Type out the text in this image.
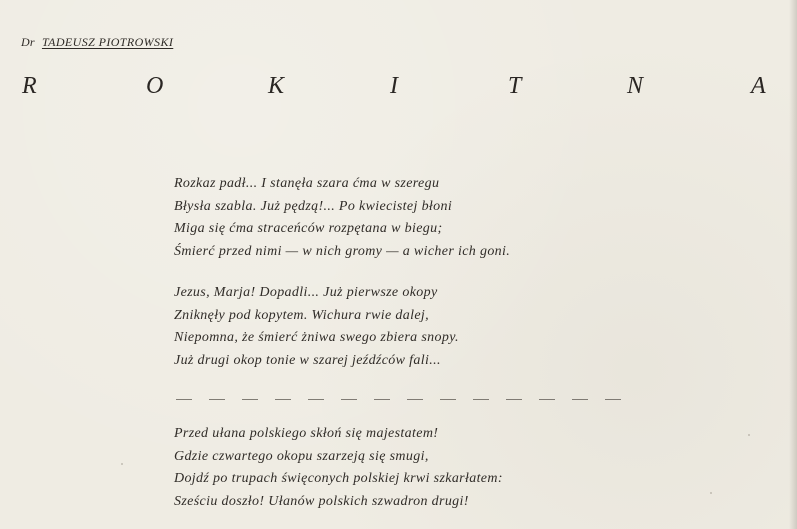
Dr TADEUSZ PIOTROWSKI
R	O	K	I	T	N	A
Rozkaz padł... I stanęła szara ćma w szeregu
Błysła szabla. Już pędzą!... Po kwiecistej błoni
Miga się ćma straceńców rozpętana w biegu;
Śmierć przed nimi — w nich gromy — a wicher ich goni.
Jezus, Marja! Dopadli... Już pierwsze okopy
Zniknęły pod kopytem. Wichura rwie dalej,
Niepomna, że śmierć żniwa swego zbiera snopy.
Już drugi okop tonie w szarej jeźdźców fali...
Przed ułana polskiego skłoń się majestatem!
Gdzie czwartego okopu szarzeją się smugi,
Dojdź po trupach święconych polskiej krwi szkarłatem:
Sześciu doszło! Ułanów polskich szwadron drugi!
